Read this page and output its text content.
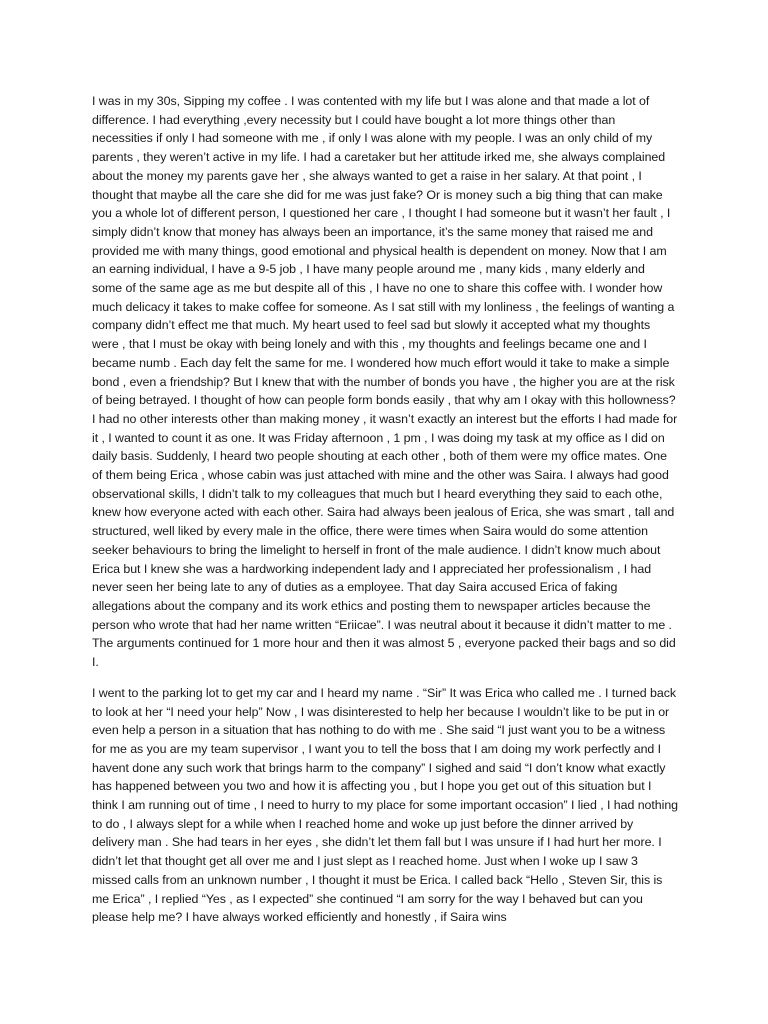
I was in my 30s, Sipping my coffee . I was contented with my life but I was alone and that made a lot of difference. I had everything ,every necessity but I could have bought a lot more things other than necessities if only I had someone with me , if only I was alone with my people. I was an only child of my parents , they weren’t active in my life. I had a caretaker but her attitude irked me, she always complained about the money my parents gave her , she always wanted to get a raise in her salary. At that point , I thought that maybe all the care she did for me was just fake? Or is money such a big thing that can make you a whole lot of different person, I questioned her care , I thought I had someone but it wasn’t her fault , I simply didn’t know that money has always been an importance, it’s the same money that raised me and provided me with many things, good emotional and physical health is dependent on money. Now that I am an earning individual, I have a 9-5 job , I have many people around me , many kids , many elderly and some of the same age as me but despite all of this , I have no one to share this coffee with. I wonder how much delicacy it takes to make coffee for someone. As I sat still with my lonliness , the feelings of wanting a company didn’t effect me that much. My heart used to feel sad but slowly it accepted what my thoughts were , that I must be okay with being lonely and with this , my thoughts and feelings became one and I became numb . Each day felt the same for me. I wondered how much effort would it take to make a simple bond , even a friendship? But I knew that with the number of bonds you have , the higher you are at the risk of being betrayed. I thought of how can people form bonds easily , that why am I okay with this hollowness? I had no other interests other than making money , it wasn’t exactly an interest but the efforts I had made for it , I wanted to count it as one. It was Friday afternoon , 1 pm , I was doing my task at my office as I did on daily basis. Suddenly, I heard two people shouting at each other , both of them were my office mates. One of them being Erica , whose cabin was just attached with mine and the other was Saira. I always had good observational skills, I didn’t talk to my colleagues that much but I heard everything they said to each othe, knew how everyone acted with each other. Saira had always been jealous of Erica, she was smart , tall and structured, well liked by every male in the office, there were times when Saira would do some attention seeker behaviours to bring the limelight to herself in front of the male audience. I didn’t know much about Erica but I knew she was a hardworking independent lady and I appreciated her professionalism , I had never seen her being late to any of duties as a employee. That day Saira accused Erica of faking allegations about the company and its work ethics and posting them to newspaper articles because the person who wrote that had her name written “Eriicae”. I was neutral about it because it didn’t matter to me . The arguments continued for 1 more hour and then it was almost 5 , everyone packed their bags and so did I.

I went to the parking lot to get my car and I heard my name . “Sir” It was Erica who called me . I turned back to look at her “I need your help” Now , I was disinterested to help her because I wouldn’t like to be put in or even help a person in a situation that has nothing to do with me . She said “I just want you to be a witness for me as you are my team supervisor , I want you to tell the boss that I am doing my work perfectly and I havent done any such work that brings harm to the company” I sighed and said “I don’t know what exactly has happened between you two and how it is affecting you , but I hope you get out of this situation but I think I am running out of time , I need to hurry to my place for some important occasion” I lied , I had nothing to do , I always slept for a while when I reached home and woke up just before the dinner arrived by delivery man . She had tears in her eyes , she didn’t let them fall but I was unsure if I had hurt her more. I didn’t let that thought get all over me and I just slept as I reached home. Just when I woke up I saw 3 missed calls from an unknown number , I thought it must be Erica. I called back “Hello , Steven Sir, this is me Erica” , I replied “Yes , as I expected” she continued “I am sorry for the way I behaved but can you please help me? I have always worked efficiently and honestly , if Saira wins
